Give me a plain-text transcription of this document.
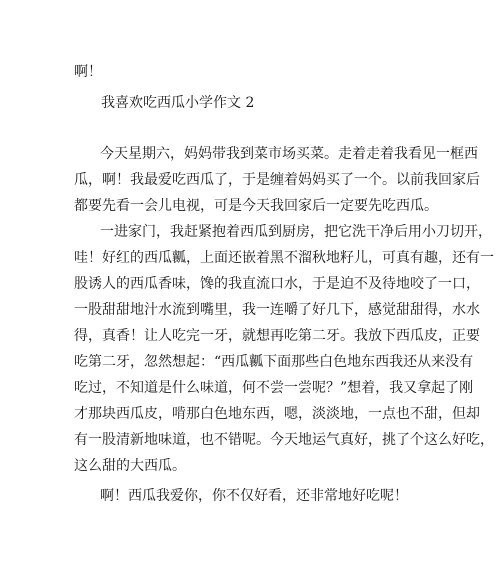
啊！
我喜欢吃西瓜小学作文 2
今天星期六，妈妈带我到菜市场买菜。走着走着我看见一框西
瓜，啊！我最爱吃西瓜了，于是缠着妈妈买了一个。以前我回家后
都要先看一会儿电视，可是今天我回家后一定要先吃西瓜。
一进家门，我赶紧抱着西瓜到厨房，把它洗干净后用小刀切开，
哇！好红的西瓜瓤，上面还嵌着黑不溜秋地籽儿，可真有趣，还有一
股诱人的西瓜香味，馋的我直流口水，于是迫不及待地咬了一口，
一股甜甜地汁水流到嘴里，我一连嚼了好几下，感觉甜甜得，水水
得，真香！让人吃完一牙，就想再吃第二牙。我放下西瓜皮，正要
吃第二牙，忽然想起：“西瓜瓤下面那些白色地东西我还从来没有
吃过，不知道是什么味道，何不尝一尝呢？”想着，我又拿起了刚
才那块西瓜皮，啃那白色地东西，嗯，淡淡地，一点也不甜，但却
有一股清新地味道，也不错呢。今天地运气真好，挑了个这么好吃，
这么甜的大西瓜。
啊！西瓜我爱你，你不仅好看，还非常地好吃呢！
